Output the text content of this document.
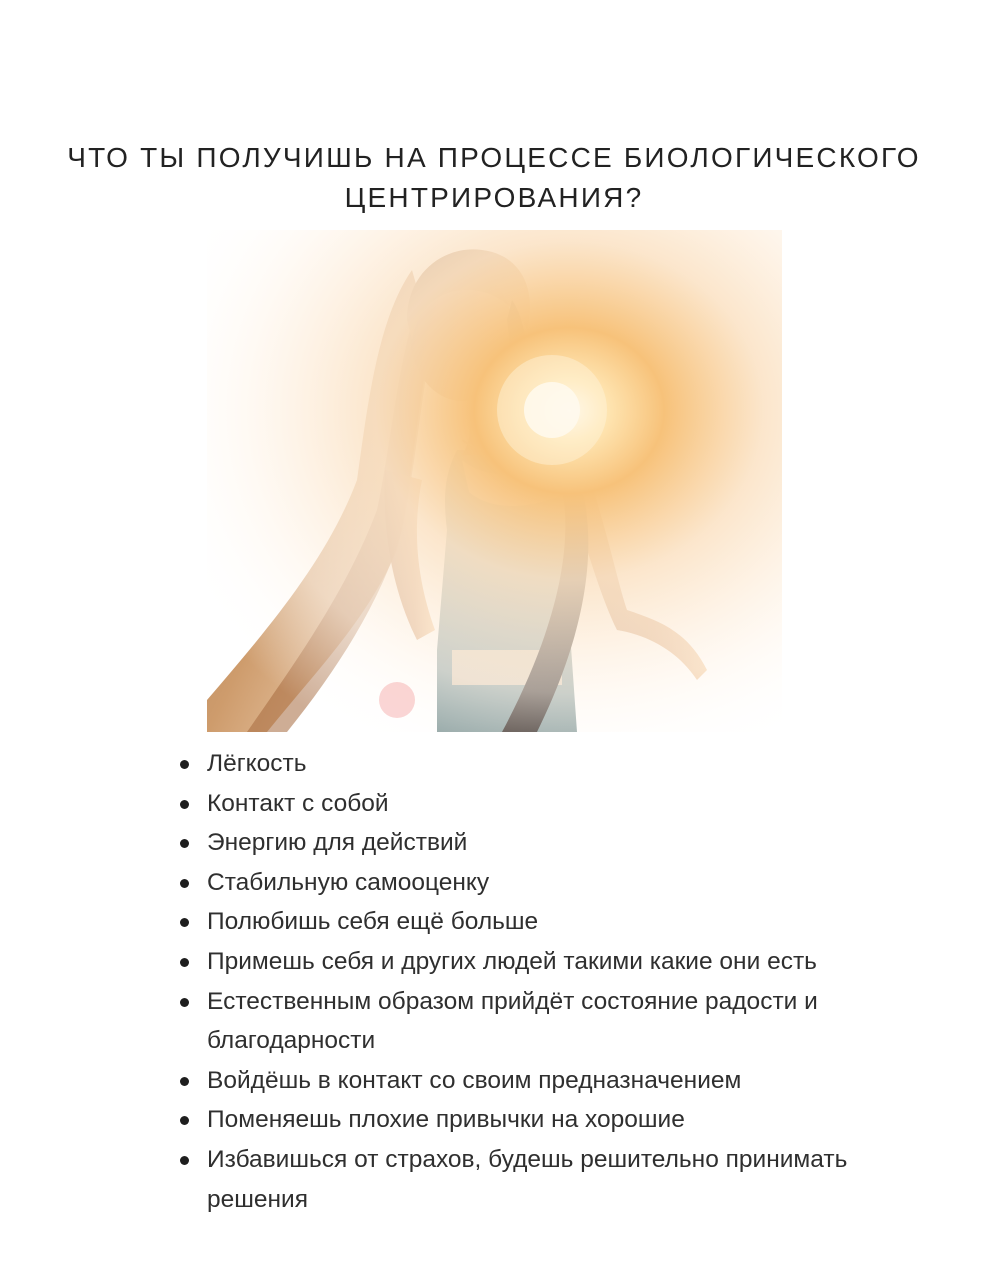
ЧТО ТЫ ПОЛУЧИШЬ НА ПРОЦЕССЕ БИОЛОГИЧЕСКОГО
ЦЕНТРИРОВАНИЯ?
Лёгкость
Контакт с собой
Энергию для действий
Стабильную самооценку
Полюбишь себя ещё больше
Примешь себя и других людей такими какие они есть
Естественным образом прийдёт состояние радости и благодарности
Войдёшь в контакт со своим предназначением
Поменяешь плохие привычки на хорошие
Избавишься от страхов, будешь решительно принимать решения
